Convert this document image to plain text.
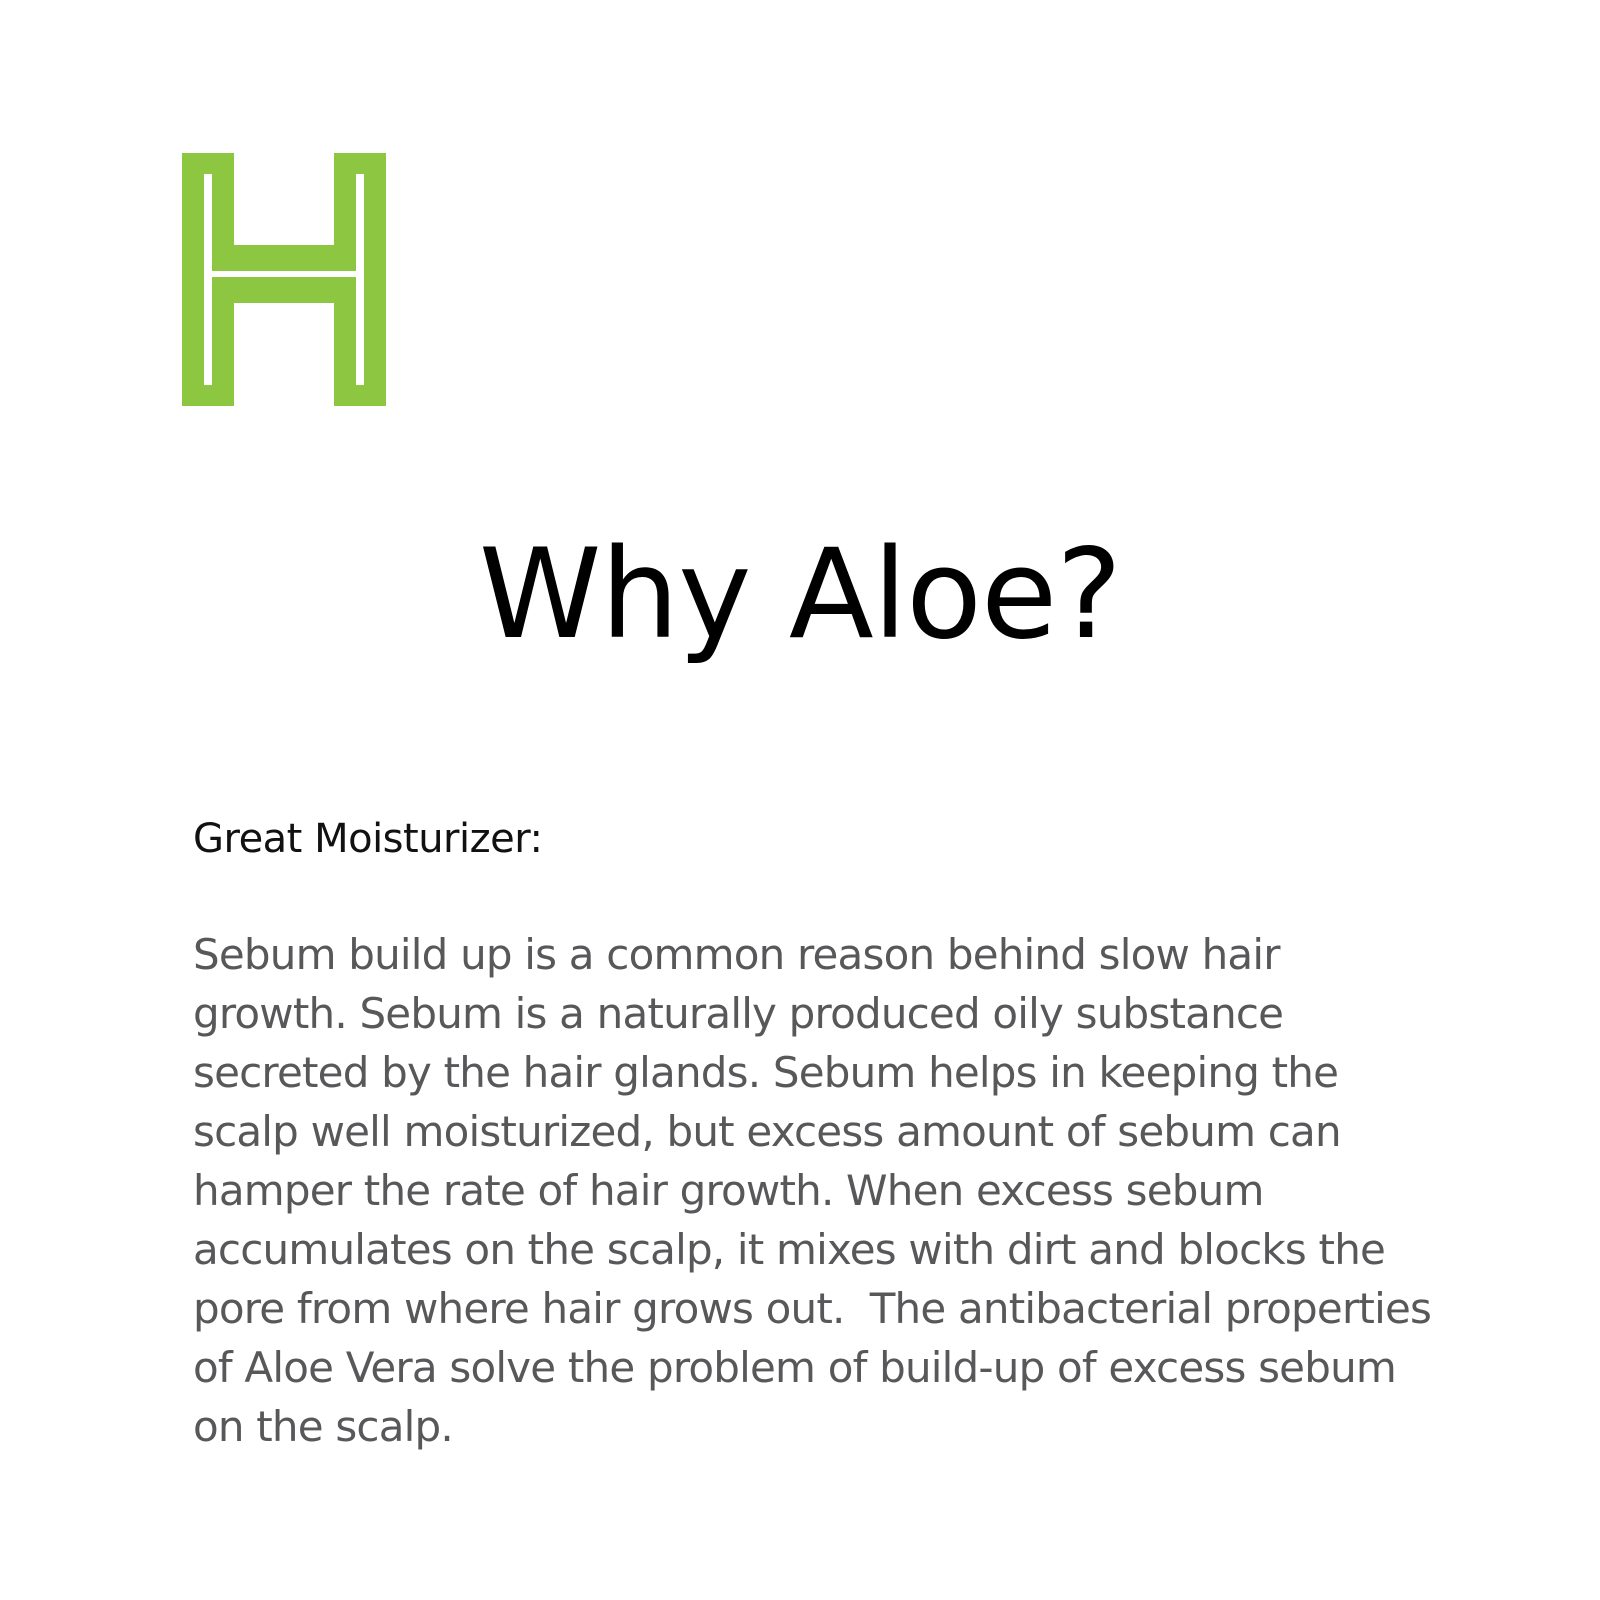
Why Aloe?
Great Moisturizer:

Sebum build up is a common reason behind slow hair
growth. Sebum is a naturally produced oily substance
secreted by the hair glands. Sebum helps in keeping the
scalp well moisturized, but excess amount of sebum can
hamper the rate of hair growth. When excess sebum
accumulates on the scalp, it mixes with dirt and blocks the
pore from where hair grows out.  The antibacterial properties
of Aloe Vera solve the problem of build-up of excess sebum
on the scalp.
